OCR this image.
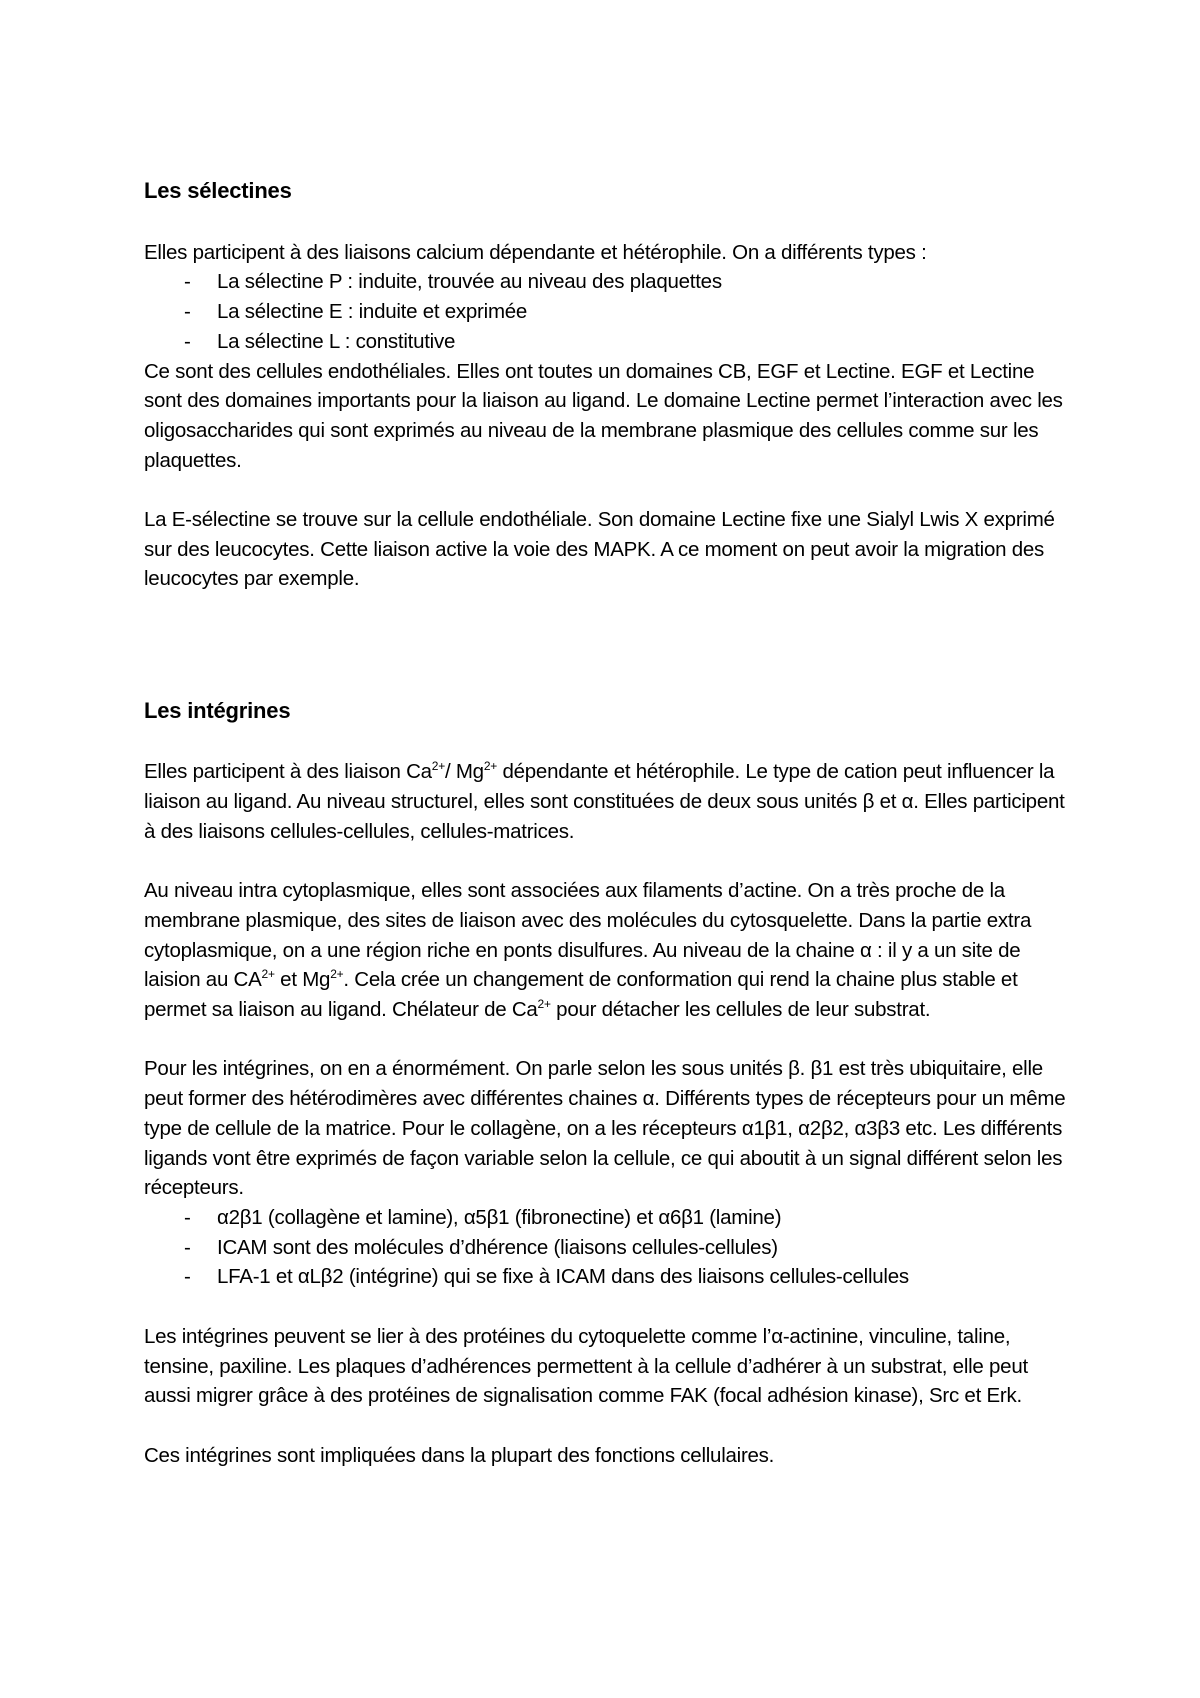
Les sélectines

Elles participent à des liaisons calcium dépendante et hétérophile. On a différents types :

- La sélectine P : induite, trouvée au niveau des plaquettes
- La sélectine E : induite et exprimée
- La sélectine L : constitutive

Ce sont des cellules endothéliales. Elles ont toutes un domaines CB, EGF et Lectine. EGF et Lectine sont des domaines importants pour la liaison au ligand. Le domaine Lectine permet l’interaction avec les oligosaccharides qui sont exprimés au niveau de la membrane plasmique des cellules comme sur les plaquettes.

La E-sélectine se trouve sur la cellule endothéliale. Son domaine Lectine fixe une Sialyl Lwis X exprimé sur des leucocytes. Cette liaison active la voie des MAPK. A ce moment on peut avoir la migration des leucocytes par exemple.

Les intégrines

Elles participent à des liaison $Ca^{2+}/$ $Mg^{2+}$ dépendante et hétérophile. Le type de cation peut influencer la liaison au ligand. Au niveau structurel, elles sont constituées de deux sous unités β et α. Elles participent à des liaisons cellules-cellules, cellules-matrices.

Au niveau intra cytoplasmique, elles sont associées aux filaments d’actine. On a très proche de la membrane plasmique, des sites de liaison avec des molécules du cytosquelette. Dans la partie extra cytoplasmique, on a une région riche en ponts disulfures. Au niveau de la chaine α : il y a un site de laision au $CA^{2+}$ et $Mg^{2+}$. Cela crée un changement de conformation qui rend la chaine plus stable et permet sa liaison au ligand. Chélateur de $Ca^{2+}$ pour détacher les cellules de leur substrat.

Pour les intégrines, on en a énormément. On parle selon les sous unités β. β1 est très ubiquitaire, elle peut former des hétérodimères avec différentes chaines α. Différents types de récepteurs pour un même type de cellule de la matrice. Pour le collagène, on a les récepteurs α1β1, α2β2, α3β3 etc. Les différents ligands vont être exprimés de façon variable selon la cellule, ce qui aboutit à un signal différent selon les récepteurs.

- α2β1 (collagène et lamine), α5β1 (fibronectine) et α6β1 (lamine)
- ICAM sont des molécules d’dhérence (liaisons cellules-cellules)
- LFA-1 et αLβ2 (intégrine) qui se fixe à ICAM dans des liaisons cellules-cellules

Les intégrines peuvent se lier à des protéines du cytoquelette comme l’α-actinine, vinculine, taline, tensine, paxiline. Les plaques d’adhérences permettent à la cellule d’adhérer à un substrat, elle peut aussi migrer grâce à des protéines de signalisation comme FAK (focal adhésion kinase), Src et Erk.

Ces intégrines sont impliquées dans la plupart des fonctions cellulaires.
